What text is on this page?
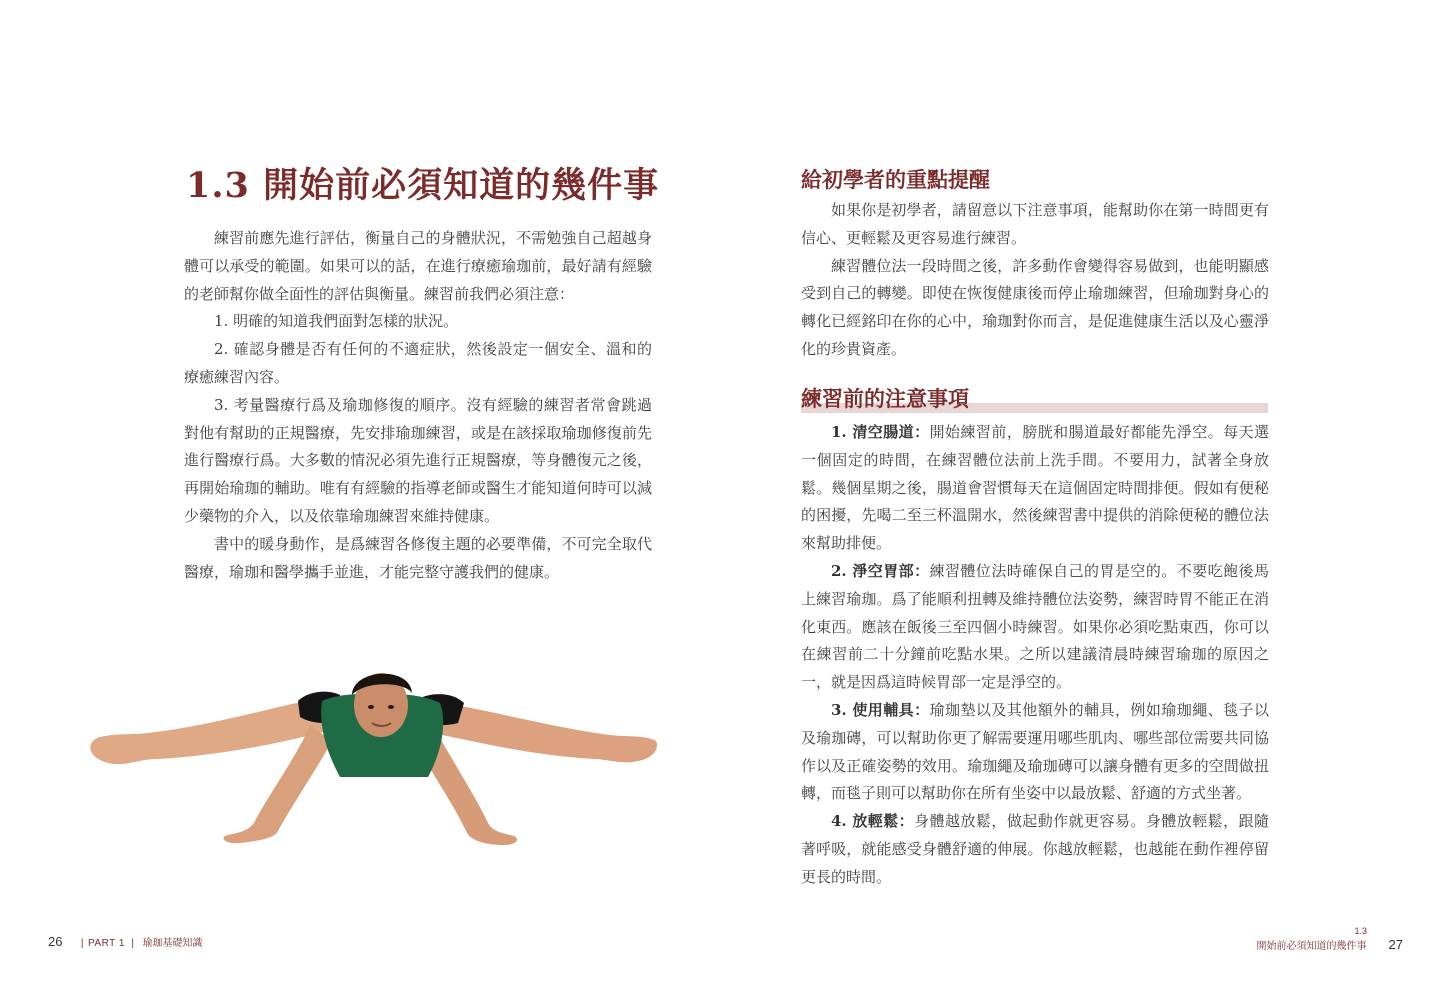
1.3 開始前必須知道的幾件事

練習前應先進行評估，衡量自己的身體狀況，不需勉強自己超越身體可以承受的範圍。如果可以的話，在進行療癒瑜珈前，最好請有經驗的老師幫你做全面性的評估與衡量。練習前我們必須注意：

1. 明確的知道我們面對怎樣的狀況。

2. 確認身體是否有任何的不適症狀，然後設定一個安全、溫和的療癒練習內容。

3. 考量醫療行爲及瑜珈修復的順序。沒有經驗的練習者常會跳過對他有幫助的正規醫療，先安排瑜珈練習，或是在該採取瑜珈修復前先進行醫療行爲。大多數的情況必須先進行正規醫療，等身體復元之後，再開始瑜珈的輔助。唯有有經驗的指導老師或醫生才能知道何時可以減少藥物的介入，以及依靠瑜珈練習來維持健康。

書中的暖身動作，是爲練習各修復主題的必要準備，不可完全取代醫療，瑜珈和醫學攜手並進，才能完整守護我們的健康。

26 | PART 1 | 瑜珈基礎知識
給初學者的重點提醒

如果你是初學者，請留意以下注意事項，能幫助你在第一時間更有信心、更輕鬆及更容易進行練習。

練習體位法一段時間之後，許多動作會變得容易做到，也能明顯感受到自己的轉變。即使在恢復健康後而停止瑜珈練習，但瑜珈對身心的轉化已經銘印在你的心中，瑜珈對你而言，是促進健康生活以及心靈淨化的珍貴資產。

練習前的注意事項

1. 清空腸道：開始練習前，膀胱和腸道最好都能先淨空。每天選一個固定的時間，在練習體位法前上洗手間。不要用力，試著全身放鬆。幾個星期之後，腸道會習慣每天在這個固定時間排便。假如有便秘的困擾，先喝二至三杯溫開水，然後練習書中提供的消除便秘的體位法來幫助排便。

2. 淨空胃部：練習體位法時確保自己的胃是空的。不要吃飽後馬上練習瑜珈。爲了能順利扭轉及維持體位法姿勢，練習時胃不能正在消化東西。應該在飯後三至四個小時練習。如果你必須吃點東西，你可以在練習前二十分鐘前吃點水果。之所以建議清晨時練習瑜珈的原因之一，就是因爲這時候胃部一定是淨空的。

3. 使用輔具：瑜珈墊以及其他額外的輔具，例如瑜珈繩、毯子以及瑜珈磚，可以幫助你更了解需要運用哪些肌肉、哪些部位需要共同協作以及正確姿勢的效用。瑜珈繩及瑜珈磚可以讓身體有更多的空間做扭轉，而毯子則可以幫助你在所有坐姿中以最放鬆、舒適的方式坐著。

4. 放輕鬆：身體越放鬆，做起動作就更容易。身體放輕鬆，跟隨著呼吸，就能感受身體舒適的伸展。你越放輕鬆，也越能在動作裡停留更長的時間。

1.3
開始前必須知道的幾件事 27
